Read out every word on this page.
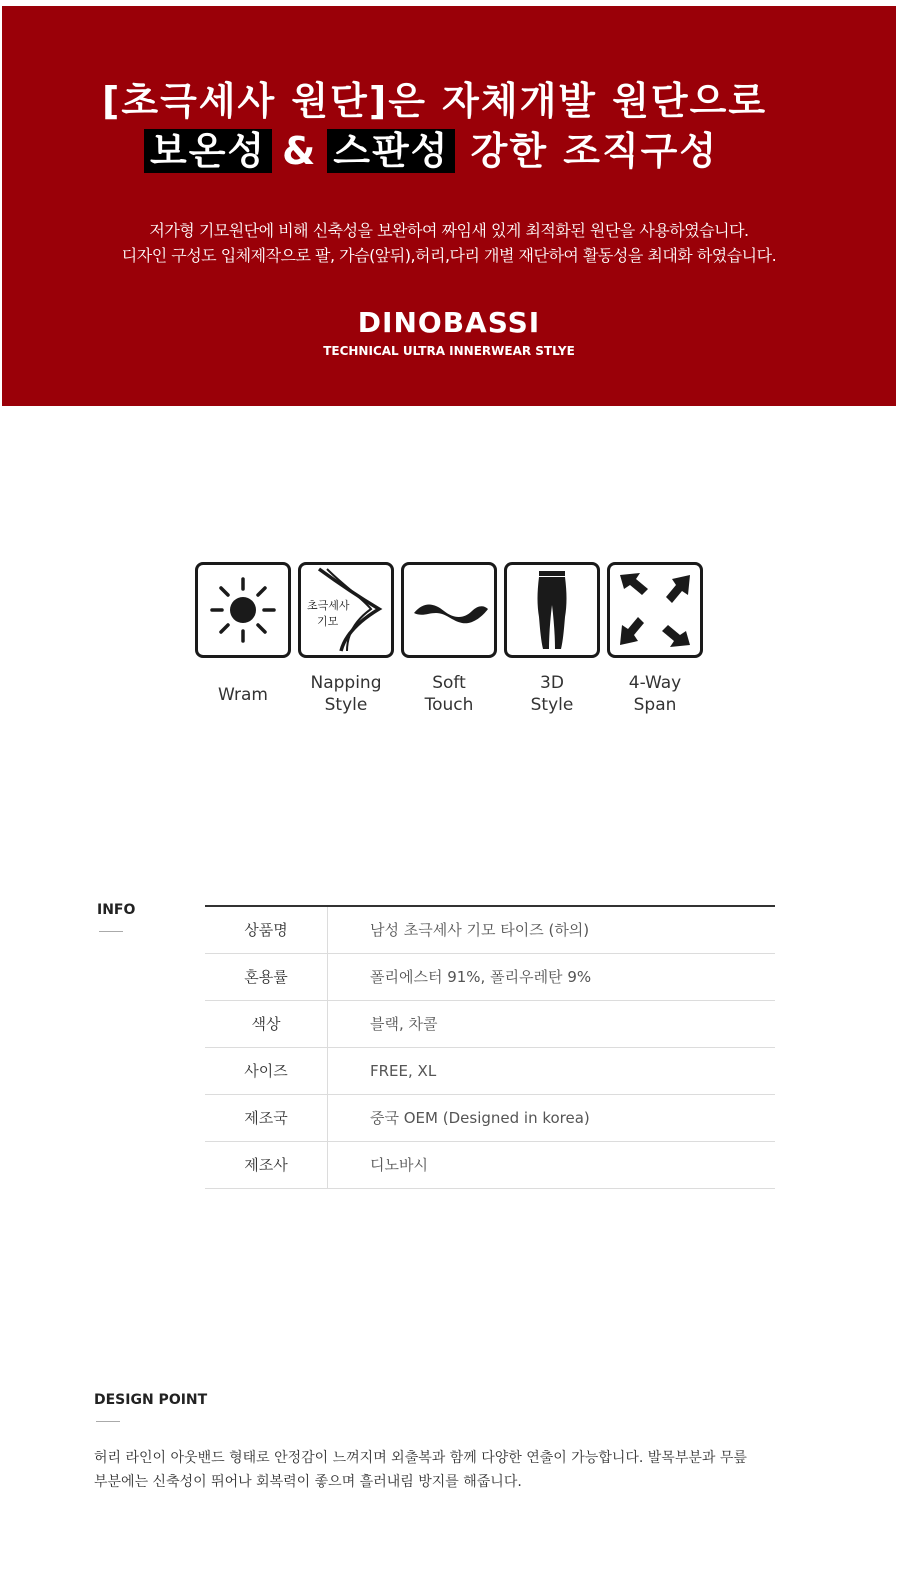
[초극세사 원단]은 자체개발 원단으로
보온성 & 스판성 강한 조직구성
저가형 기모원단에 비해 신축성을 보완하여 짜임새 있게 최적화된 원단을 사용하였습니다.
디자인 구성도 입체제작으로 팔, 가슴(앞뒤),허리,다리 개별 재단하여 활동성을 최대화 하였습니다.
DINOBASSI
TECHNICAL ULTRA INNERWEAR STLYE
Wram
초극세사
기모
Napping
Style
Soft
Touch
3D
Style
4-Way
Span
INFO
상품명	남성 초극세사 기모 타이즈 (하의)
혼용률	폴리에스터 91%, 폴리우레탄 9%
색상	블랙, 차콜
사이즈	FREE, XL
제조국	중국 OEM (Designed in korea)
제조사	디노바시
DESIGN POINT
허리 라인이 아웃밴드 형태로 안정감이 느껴지며 외출복과 함께 다양한 연출이 가능합니다. 발목부분과 무릎
부분에는 신축성이 뛰어나 회복력이 좋으며 흘러내림 방지를 해줍니다.
